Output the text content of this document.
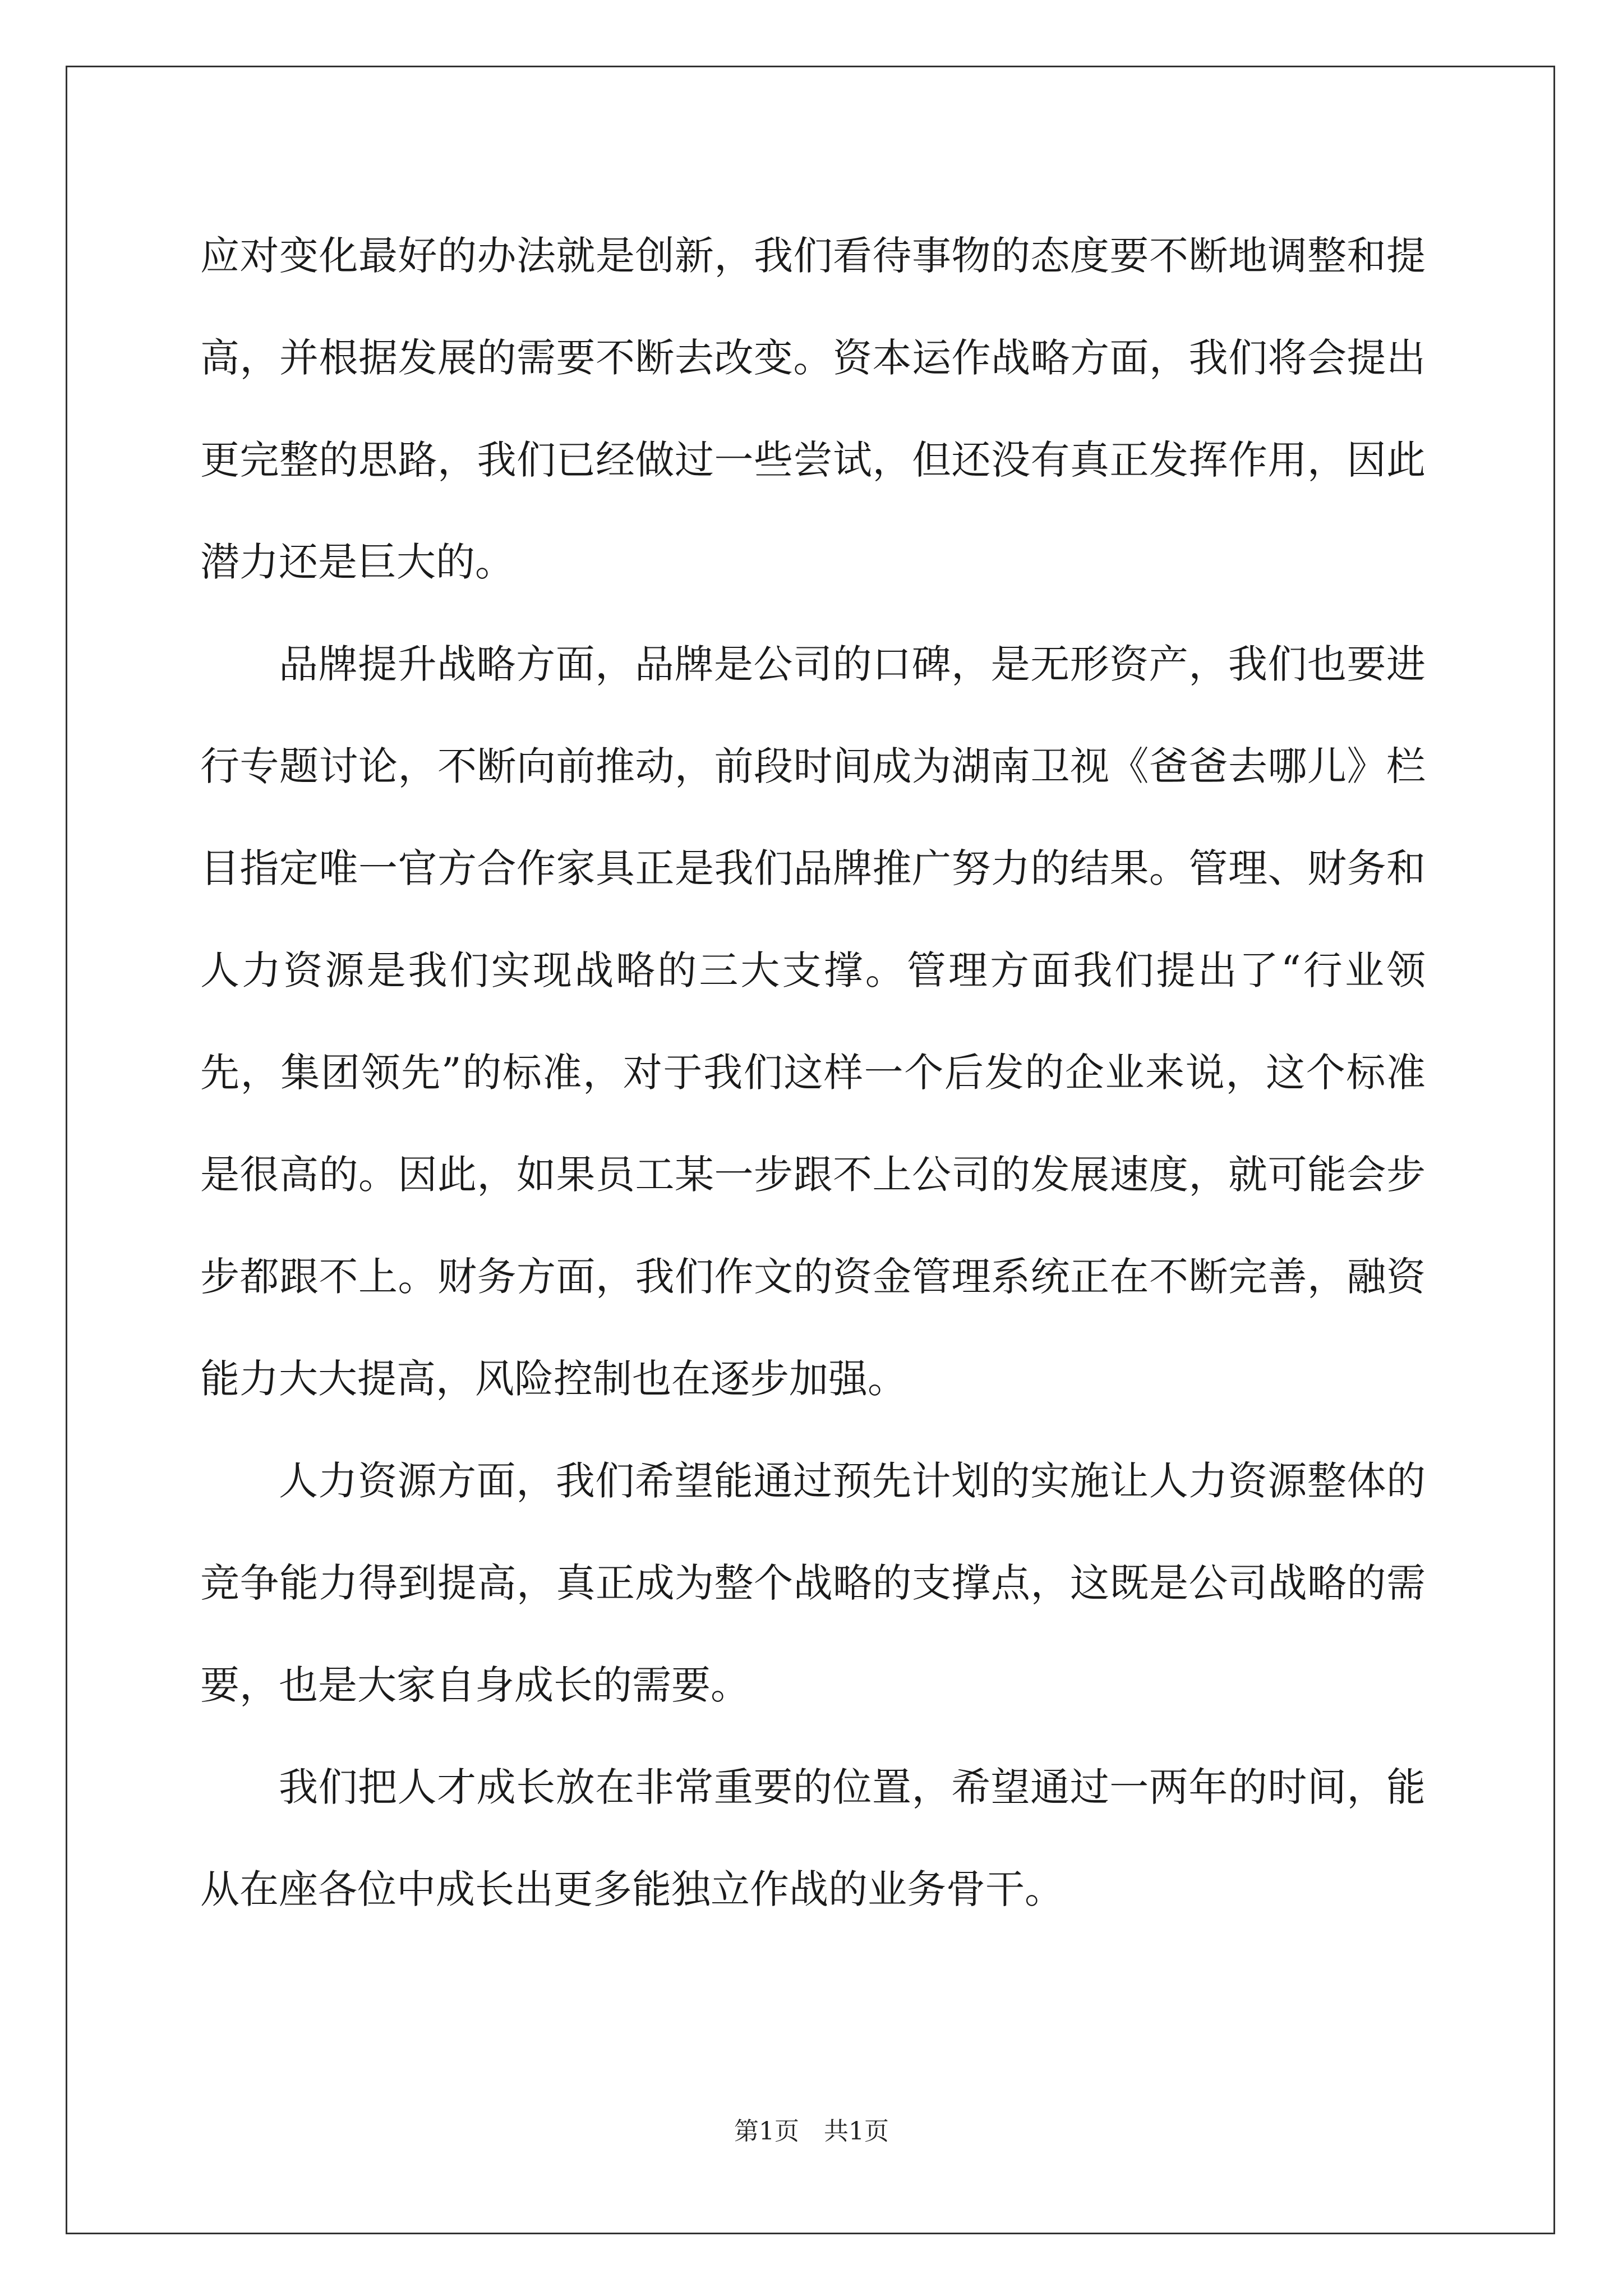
应对变化最好的办法就是创新，我们看待事物的态度要不断地调整和提高，并根据发展的需要不断去改变。资本运作战略方面，我们将会提出更完整的思路，我们已经做过一些尝试，但还没有真正发挥作用，因此潜力还是巨大的。

品牌提升战略方面，品牌是公司的口碑，是无形资产，我们也要进行专题讨论，不断向前推动，前段时间成为湖南卫视《爸爸去哪儿》栏目指定唯一官方合作家具正是我们品牌推广努力的结果。管理、财务和人力资源是我们实现战略的三大支撑。管理方面我们提出了“行业领先，集团领先”的标准，对于我们这样一个后发的企业来说，这个标准是很高的。因此，如果员工某一步跟不上公司的发展速度，就可能会步步都跟不上。财务方面，我们作文的资金管理系统正在不断完善，融资能力大大提高，风险控制也在逐步加强。

人力资源方面，我们希望能通过预先计划的实施让人力资源整体的竞争能力得到提高，真正成为整个战略的支撑点，这既是公司战略的需要，也是大家自身成长的需要。

我们把人才成长放在非常重要的位置，希望通过一两年的时间，能从在座各位中成长出更多能独立作战的业务骨干。

第1页　共1页
